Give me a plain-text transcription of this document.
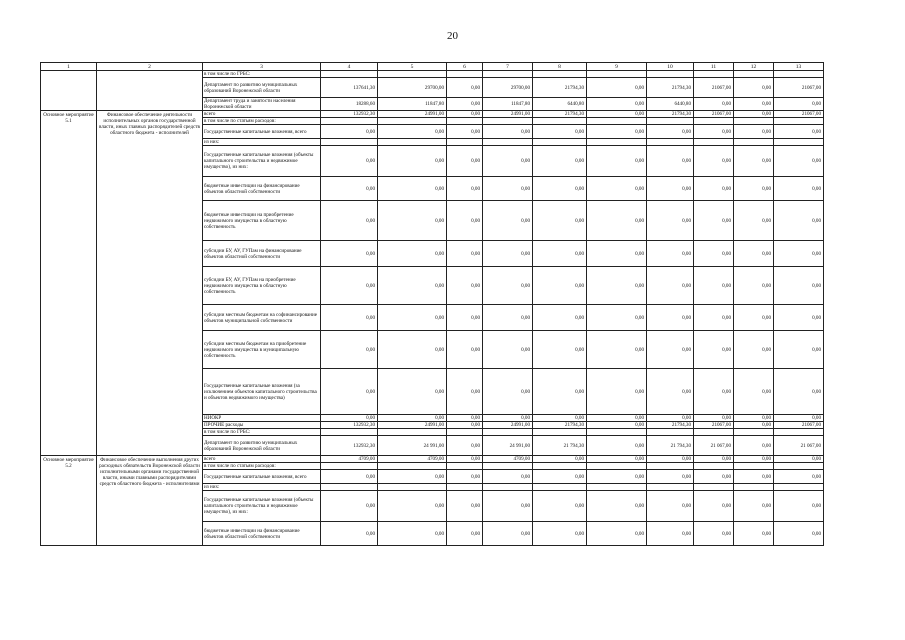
20
1	2	3	4	5	6	7	8	9	10	11	12	13
		в том числе по ГРБС:										
		Департамент по развитию муниципальных образований Воронежской области	137641,30	29700,00	0,00	29700,00	21794,30	0,00	21794,30	21067,00	0,00	21067,00
		Департамент труда и занятости населения Воронежской области	18288,60	11847,80	0,00	11847,80	6440,80	0,00	6440,80	0,00	0,00	0,00
Основное мероприятие 5.1	Финансовое обеспечение деятельности исполнительных органов государственной власти, иных главных распорядителей средств областного бюджета - исполнителей	всего	132932,30	24991,00	0,00	24991,00	21794,30	0,00	21794,30	21067,00	0,00	21067,00
		в том числе по статьям расходов:										
		Государственные капитальные вложения, всего	0,00	0,00	0,00	0,00	0,00	0,00	0,00	0,00	0,00	0,00
		из них:										
		Государственные капитальные вложения (объекты капитального строительства и недвижимое имущество), из них:	0,00	0,00	0,00	0,00	0,00	0,00	0,00	0,00	0,00	0,00
		бюджетные инвестиции на финансирование объектов областной собственности	0,00	0,00	0,00	0,00	0,00	0,00	0,00	0,00	0,00	0,00
		бюджетные инвестиции на приобретение недвижимого имущества в областную собственность	0,00	0,00	0,00	0,00	0,00	0,00	0,00	0,00	0,00	0,00
		субсидии БУ, АУ, ГУПам на финансирование объектов областной собственности	0,00	0,00	0,00	0,00	0,00	0,00	0,00	0,00	0,00	0,00
		субсидии БУ, АУ, ГУПам на приобретение недвижимого имущества в областную собственность	0,00	0,00	0,00	0,00	0,00	0,00	0,00	0,00	0,00	0,00
		субсидии местным бюджетам на софинансирование объектов муниципальной собственности	0,00	0,00	0,00	0,00	0,00	0,00	0,00	0,00	0,00	0,00
		субсидии местным бюджетам на приобретение недвижимого имущества в муниципальную собственность	0,00	0,00	0,00	0,00	0,00	0,00	0,00	0,00	0,00	0,00
		Государственные капитальные вложения (за исключением объектов капитального строительства и объектов недвижимого имущества)	0,00	0,00	0,00	0,00	0,00	0,00	0,00	0,00	0,00	0,00
		НИОКР	0,00	0,00	0,00	0,00	0,00	0,00	0,00	0,00	0,00	0,00
		ПРОЧИЕ расходы	132932,30	24991,00	0,00	24991,00	21794,30	0,00	21794,30	21067,00	0,00	21067,00
		в том числе по ГРБС:										
		Департамент по развитию муниципальных образований Воронежской области	132932,30	24 991,00	0,00	24 991,00	21 794,30	0,00	21 794,30	21 067,00	0,00	21 067,00
Основное мероприятие 5.2	Финансовое обеспечение выполнения других расходных обязательств Воронежской области исполнительными органами государственной власти, иными главными распорядителями средств областного бюджета - исполнителями	всего	4709,00	4709,00	0,00	4709,00	0,00	0,00	0,00	0,00	0,00	0,00
		в том числе по статьям расходов:										
		Государственные капитальные вложения, всего	0,00	0,00	0,00	0,00	0,00	0,00	0,00	0,00	0,00	0,00
		из них:										
		Государственные капитальные вложения (объекты капитального строительства и недвижимое имущество), из них:	0,00	0,00	0,00	0,00	0,00	0,00	0,00	0,00	0,00	0,00
		бюджетные инвестиции на финансирование объектов областной собственности	0,00	0,00	0,00	0,00	0,00	0,00	0,00	0,00	0,00	0,00
